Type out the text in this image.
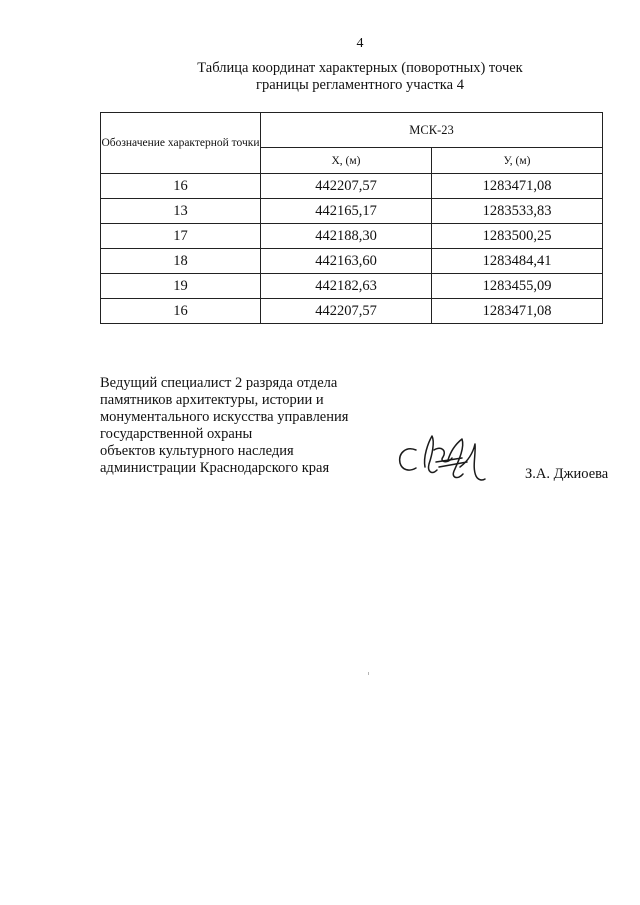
4
Таблица координат характерных (поворотных) точек
границы регламентного участка 4
Обозначение характерной точки	МСК-23	
	Х, (м)	У, (м)
16	442207,57	1283471,08
13	442165,17	1283533,83
17	442188,30	1283500,25
18	442163,60	1283484,41
19	442182,63	1283455,09
16	442207,57	1283471,08
Ведущий специалист 2 разряда отдела
памятников архитектуры, истории и
монументального искусства управления
государственной охраны
объектов культурного наследия
администрации Краснодарского края	З.А. Джиоева
